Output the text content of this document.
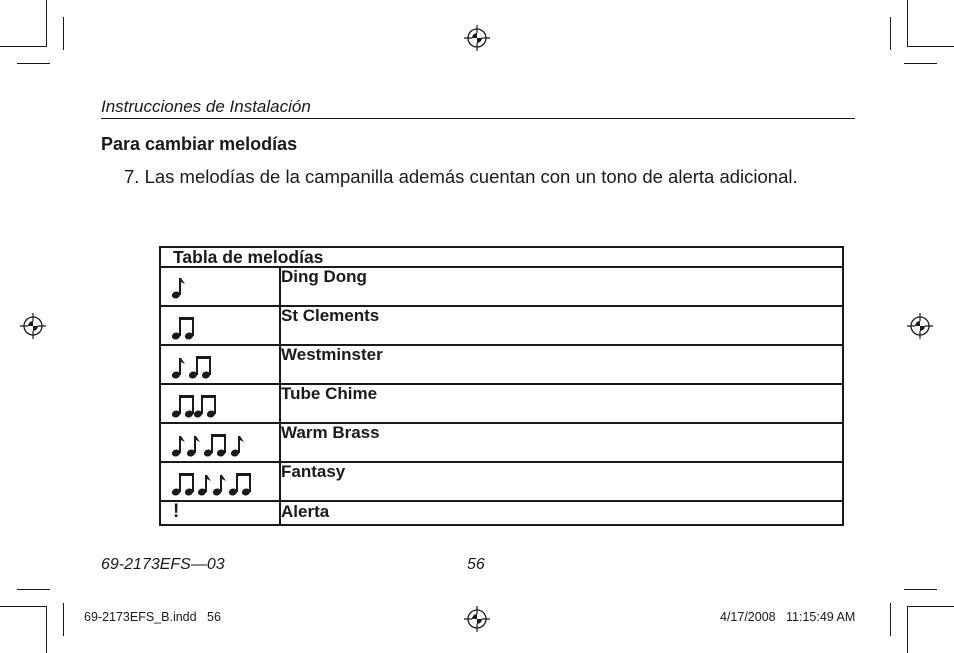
Instrucciones de Instalación
Para cambiar melodías
7. Las melodías de la campanilla además cuentan con un tono de alerta adicional.
Tabla de melodías	

	Ding Dong

	St Clements

	Westminster

	Tube Chime

	Warm Brass

	Fantasy
!	Alerta
69-2173EFS—03	56
69-2173EFS_B.indd   56	4/17/2008   11:15:49 AM
